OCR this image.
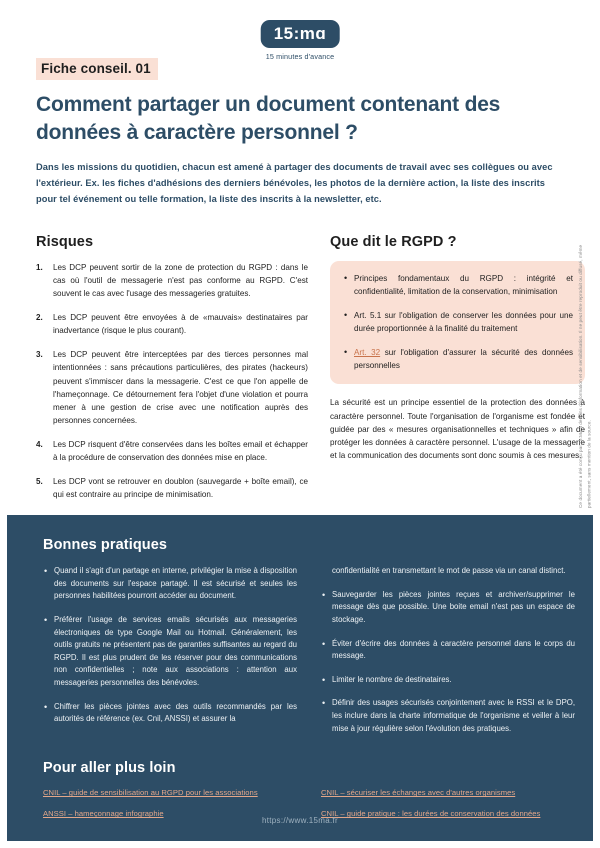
15:mɑ
15 minutes d'avance
Fiche conseil. 01
Comment partager un document contenant des données à caractère personnel ?

Dans les missions du quotidien, chacun est amené à partager des documents de travail avec ses collègues ou avec l'extérieur. Ex. les fiches d'adhésions des derniers bénévoles, les photos de la dernière action, la liste des inscrits pour tel événement ou telle formation, la liste des inscrits à la newsletter, etc.

Risques
Les DCP peuvent sortir de la zone de protection du RGPD : dans le cas où l'outil de messagerie n'est pas conforme au RGPD. C'est souvent le cas avec l'usage des messageries gratuites.
Les DCP peuvent être envoyées à de «mauvais» destinataires par inadvertance (risque le plus courant).
Les DCP peuvent être interceptées par des tierces personnes mal intentionnées : sans précautions particulières, des pirates (hackeurs) peuvent s'immiscer dans la messagerie. C'est ce que l'on appelle de l'hameçonnage. Ce détournement fera l'objet d'une violation et pourra mener à une gestion de crise avec une notification auprès des personnes concernées.
Les DCP risquent d'être conservées dans les boîtes email et échapper à la procédure de conservation des données mise en place.
Les DCP vont se retrouver en doublon (sauvegarde + boîte email), ce qui est contraire au principe de minimisation.
Que dit le RGPD ?
• Principes fondamentaux du RGPD : intégrité et confidentialité, limitation de la conservation, minimisation
• Art. 5.1 sur l'obligation de conserver les données pour une durée proportionnée à la finalité du traitement
• Art. 32 sur l'obligation d'assurer la sécurité des données personnelles

La sécurité est un principe essentiel de la protection des données à caractère personnel. Toute l'organisation de l'organisme est fondée et guidée par des « mesures organisationnelles et techniques » afin de protéger les données à caractère personnel. L'usage de la messagerie et la communication des documents sont donc soumis à ces mesures.

Ce document a été conçu par 15:MA à des fins d'information et de sensibilisation. Il ne peut être reproduit ou diffusé, même partiellement, sans mention de la source.
Bonnes pratiques
• Quand il s'agit d'un partage en interne, privilégier la mise à disposition des documents sur l'espace partagé. Il est sécurisé et seules les personnes habilitées pourront accéder au document.
• Préférer l'usage de services emails sécurisés aux messageries électroniques de type Google Mail ou Hotmail. Généralement, les outils gratuits ne présentent pas de garanties suffisantes au regard du RGPD. Il est plus prudent de les réserver pour des communications non confidentielles ; note aux associations : attention aux messageries personnelles des bénévoles.
• Chiffrer les pièces jointes avec des outils recommandés par les autorités de référence (ex. Cnil, ANSSI) et assurer la
confidentialité en transmettant le mot de passe via un canal distinct.
• Sauvegarder les pièces jointes reçues et archiver/supprimer le message dès que possible. Une boite email n'est pas un espace de stockage.
• Éviter d'écrire des données à caractère personnel dans le corps du message.
• Limiter le nombre de destinataires.
• Définir des usages sécurisés conjointement avec le RSSI et le DPO, les inclure dans la charte informatique de l'organisme et veiller à leur mise à jour régulière selon l'évolution des pratiques.
Pour aller plus loin
CNIL – guide de sensibilisation au RGPD pour les associations
ANSSI – hameçonnage infographie
CNIL – sécuriser les échanges avec d'autres organismes
CNIL – guide pratique : les durées de conservation des données
https://www.15ma.fr
